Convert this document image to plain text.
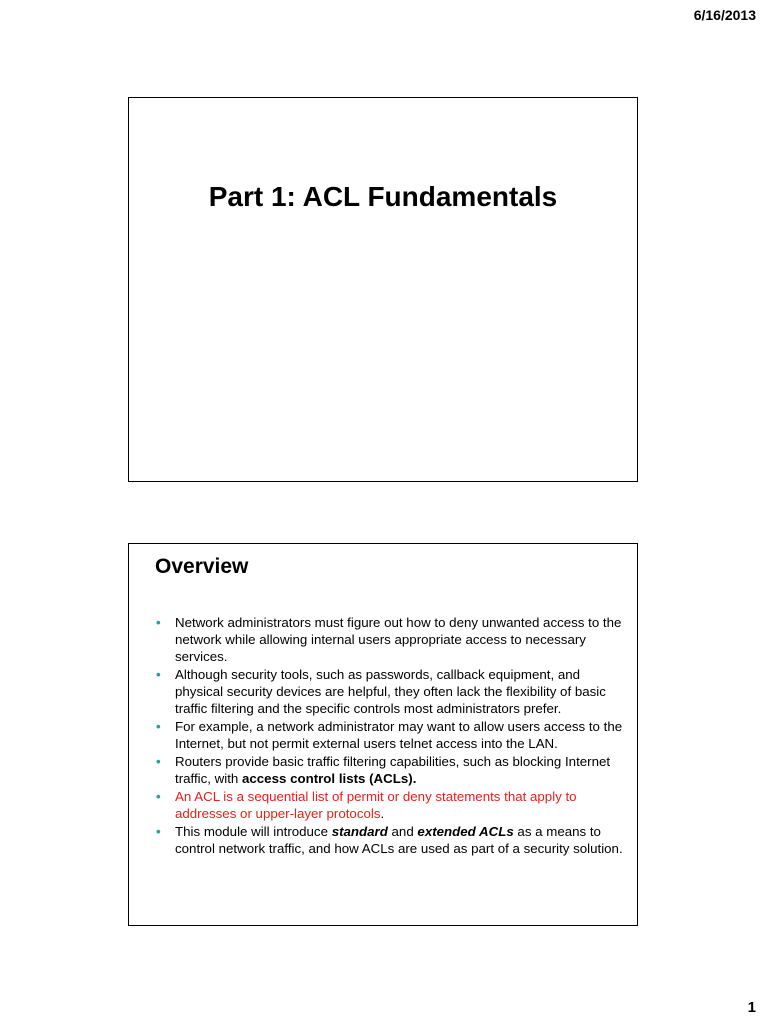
6/16/2013
Part 1: ACL Fundamentals
Overview
• Network administrators must figure out how to deny unwanted access to the network while allowing internal users appropriate access to necessary services.
• Although security tools, such as passwords, callback equipment, and physical security devices are helpful, they often lack the flexibility of basic traffic filtering and the specific controls most administrators prefer.
• For example, a network administrator may want to allow users access to the Internet, but not permit external users telnet access into the LAN.
• Routers provide basic traffic filtering capabilities, such as blocking Internet traffic, with access control lists (ACLs).
• An ACL is a sequential list of permit or deny statements that apply to addresses or upper-layer protocols.
• This module will introduce standard and extended ACLs as a means to control network traffic, and how ACLs are used as part of a security solution.
1
